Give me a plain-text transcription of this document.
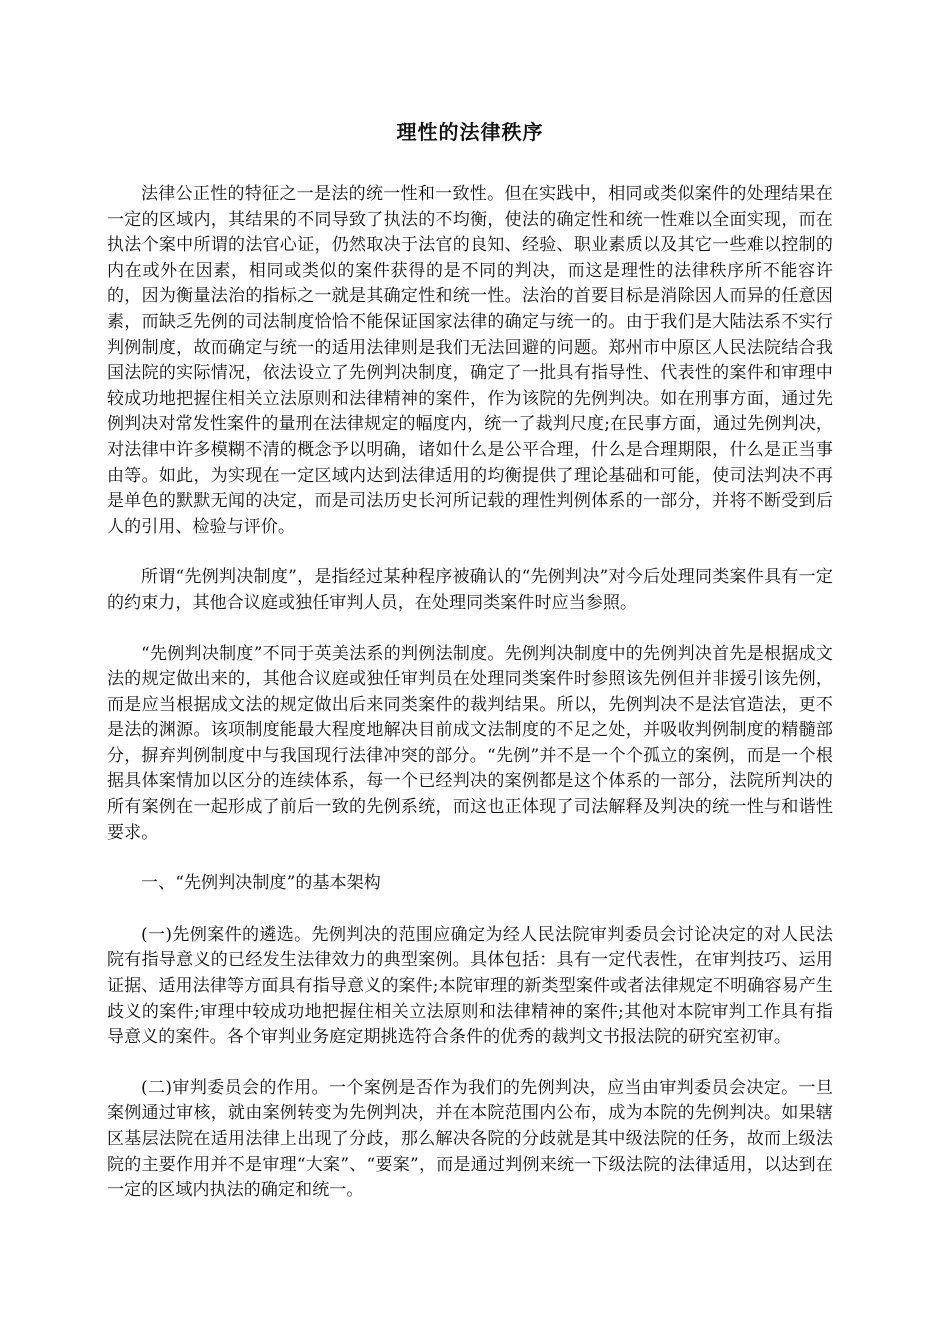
理性的法律秩序

法律公正性的特征之一是法的统一性和一致性。但在实践中，相同或类似案件的处理结果在一定的区域内，其结果的不同导致了执法的不均衡，使法的确定性和统一性难以全面实现，而在执法个案中所谓的法官心证，仍然取决于法官的良知、经验、职业素质以及其它一些难以控制的内在或外在因素，相同或类似的案件获得的是不同的判决，而这是理性的法律秩序所不能容许的，因为衡量法治的指标之一就是其确定性和统一性。法治的首要目标是消除因人而异的任意因素，而缺乏先例的司法制度恰恰不能保证国家法律的确定与统一的。由于我们是大陆法系不实行判例制度，故而确定与统一的适用法律则是我们无法回避的问题。郑州市中原区人民法院结合我国法院的实际情况，依法设立了先例判决制度，确定了一批具有指导性、代表性的案件和审理中较成功地把握住相关立法原则和法律精神的案件，作为该院的先例判决。如在刑事方面，通过先例判决对常发性案件的量刑在法律规定的幅度内，统一了裁判尺度;在民事方面，通过先例判决，对法律中许多模糊不清的概念予以明确，诸如什么是公平合理，什么是合理期限，什么是正当事由等。如此，为实现在一定区域内达到法律适用的均衡提供了理论基础和可能，使司法判决不再是单色的默默无闻的决定，而是司法历史长河所记载的理性判例体系的一部分，并将不断受到后人的引用、检验与评价。

所谓“先例判决制度”，是指经过某种程序被确认的“先例判决”对今后处理同类案件具有一定的约束力，其他合议庭或独任审判人员，在处理同类案件时应当参照。

“先例判决制度”不同于英美法系的判例法制度。先例判决制度中的先例判决首先是根据成文法的规定做出来的，其他合议庭或独任审判员在处理同类案件时参照该先例但并非援引该先例，而是应当根据成文法的规定做出后来同类案件的裁判结果。所以，先例判决不是法官造法，更不是法的渊源。该项制度能最大程度地解决目前成文法制度的不足之处，并吸收判例制度的精髓部分，摒弃判例制度中与我国现行法律冲突的部分。“先例”并不是一个个孤立的案例，而是一个根据具体案情加以区分的连续体系，每一个已经判决的案例都是这个体系的一部分，法院所判决的所有案例在一起形成了前后一致的先例系统，而这也正体现了司法解释及判决的统一性与和谐性要求。

一、“先例判决制度”的基本架构

(一)先例案件的遴选。先例判决的范围应确定为经人民法院审判委员会讨论决定的对人民法院有指导意义的已经发生法律效力的典型案例。具体包括：具有一定代表性，在审判技巧、运用证据、适用法律等方面具有指导意义的案件;本院审理的新类型案件或者法律规定不明确容易产生歧义的案件;审理中较成功地把握住相关立法原则和法律精神的案件;其他对本院审判工作具有指导意义的案件。各个审判业务庭定期挑选符合条件的优秀的裁判文书报法院的研究室初审。

(二)审判委员会的作用。一个案例是否作为我们的先例判决，应当由审判委员会决定。一旦案例通过审核，就由案例转变为先例判决，并在本院范围内公布，成为本院的先例判决。如果辖区基层法院在适用法律上出现了分歧，那么解决各院的分歧就是其中级法院的任务，故而上级法院的主要作用并不是审理“大案”、“要案”，而是通过判例来统一下级法院的法律适用，以达到在一定的区域内执法的确定和统一。
